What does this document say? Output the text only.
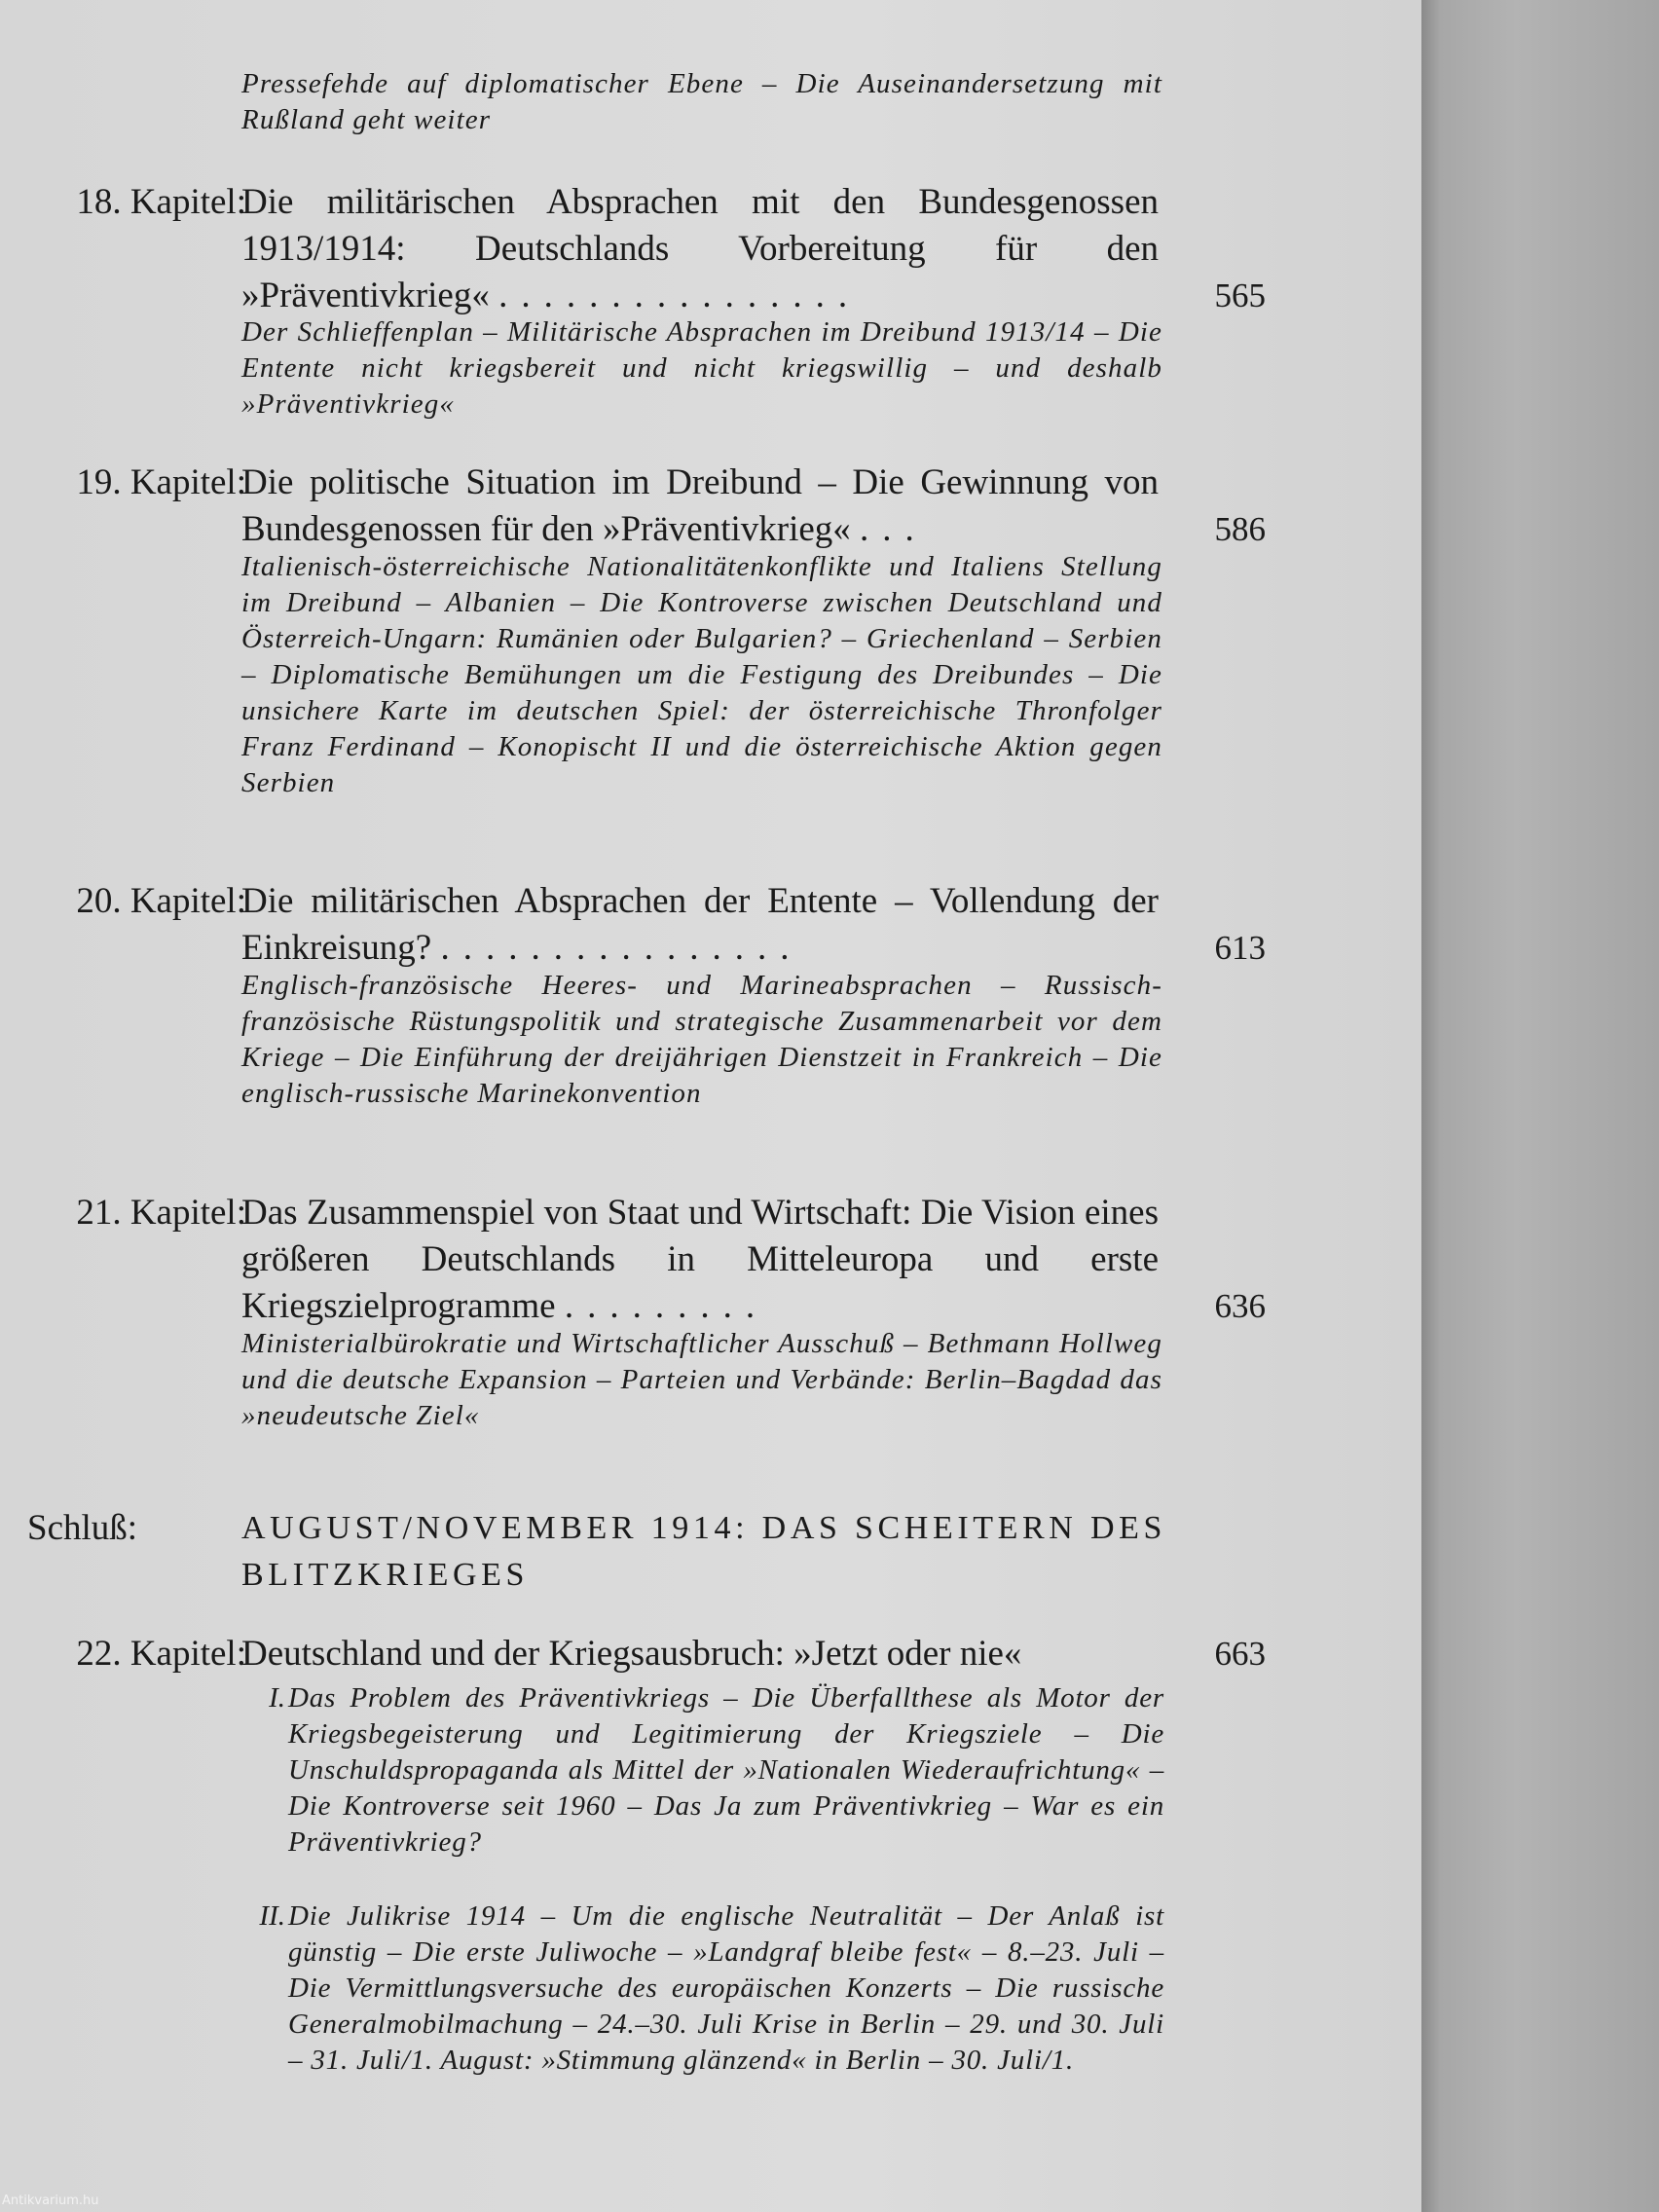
Pressefehde auf diplomatischer Ebene – Die Auseinandersetzung mit Rußland geht weiter
18. Kapitel:
Die militärischen Absprachen mit den Bundesgenossen 1913/1914: Deutschlands Vorbereitung für den »Präventivkrieg« ................	565
Der Schlieffenplan – Militärische Absprachen im Dreibund 1913/14 – Die Entente nicht kriegsbereit und nicht kriegswillig – und deshalb »Präventivkrieg«
19. Kapitel:
Die politische Situation im Dreibund – Die Gewinnung von Bundesgenossen für den »Präventivkrieg« ...	586
Italienisch-österreichische Nationalitätenkonflikte und Italiens Stellung im Dreibund – Albanien – Die Kontroverse zwischen Deutschland und Österreich-Ungarn: Rumänien oder Bulgarien? – Griechenland – Serbien – Diplomatische Bemühungen um die Festigung des Dreibundes – Die unsichere Karte im deutschen Spiel: der österreichische Thronfolger Franz Ferdinand – Konopischt II und die österreichische Aktion gegen Serbien
20. Kapitel:
Die militärischen Absprachen der Entente – Vollendung der Einkreisung? ................	613
Englisch-französische Heeres- und Marineabsprachen – Russisch-französische Rüstungspolitik und strategische Zusammenarbeit vor dem Kriege – Die Einführung der dreijährigen Dienstzeit in Frankreich – Die englisch-russische Marinekonvention
21. Kapitel:
Das Zusammenspiel von Staat und Wirtschaft: Die Vision eines größeren Deutschlands in Mitteleuropa und erste Kriegszielprogramme .........	636
Ministerialbürokratie und Wirtschaftlicher Ausschuß – Bethmann Hollweg und die deutsche Expansion – Parteien und Verbände: Berlin–Bagdad das »neudeutsche Ziel«
Schluß:	AUGUST/NOVEMBER 1914: DAS SCHEITERN DES BLITZKRIEGES
22. Kapitel:
Deutschland und der Kriegsausbruch: »Jetzt oder nie«	663
I. Das Problem des Präventivkriegs – Die Überfallthese als Motor der Kriegsbegeisterung und Legitimierung der Kriegsziele – Die Unschuldspropaganda als Mittel der »Nationalen Wiederaufrichtung« – Die Kontroverse seit 1960 – Das Ja zum Präventivkrieg – War es ein Präventivkrieg?
II. Die Julikrise 1914 – Um die englische Neutralität – Der Anlaß ist günstig – Die erste Juliwoche – »Landgraf bleibe fest« – 8.–23. Juli – Die Vermittlungsversuche des europäischen Konzerts – Die russische Generalmobilmachung – 24.–30. Juli Krise in Berlin – 29. und 30. Juli – 31. Juli/1. August: »Stimmung glänzend« in Berlin – 30. Juli/1.
Antikvarium.hu
